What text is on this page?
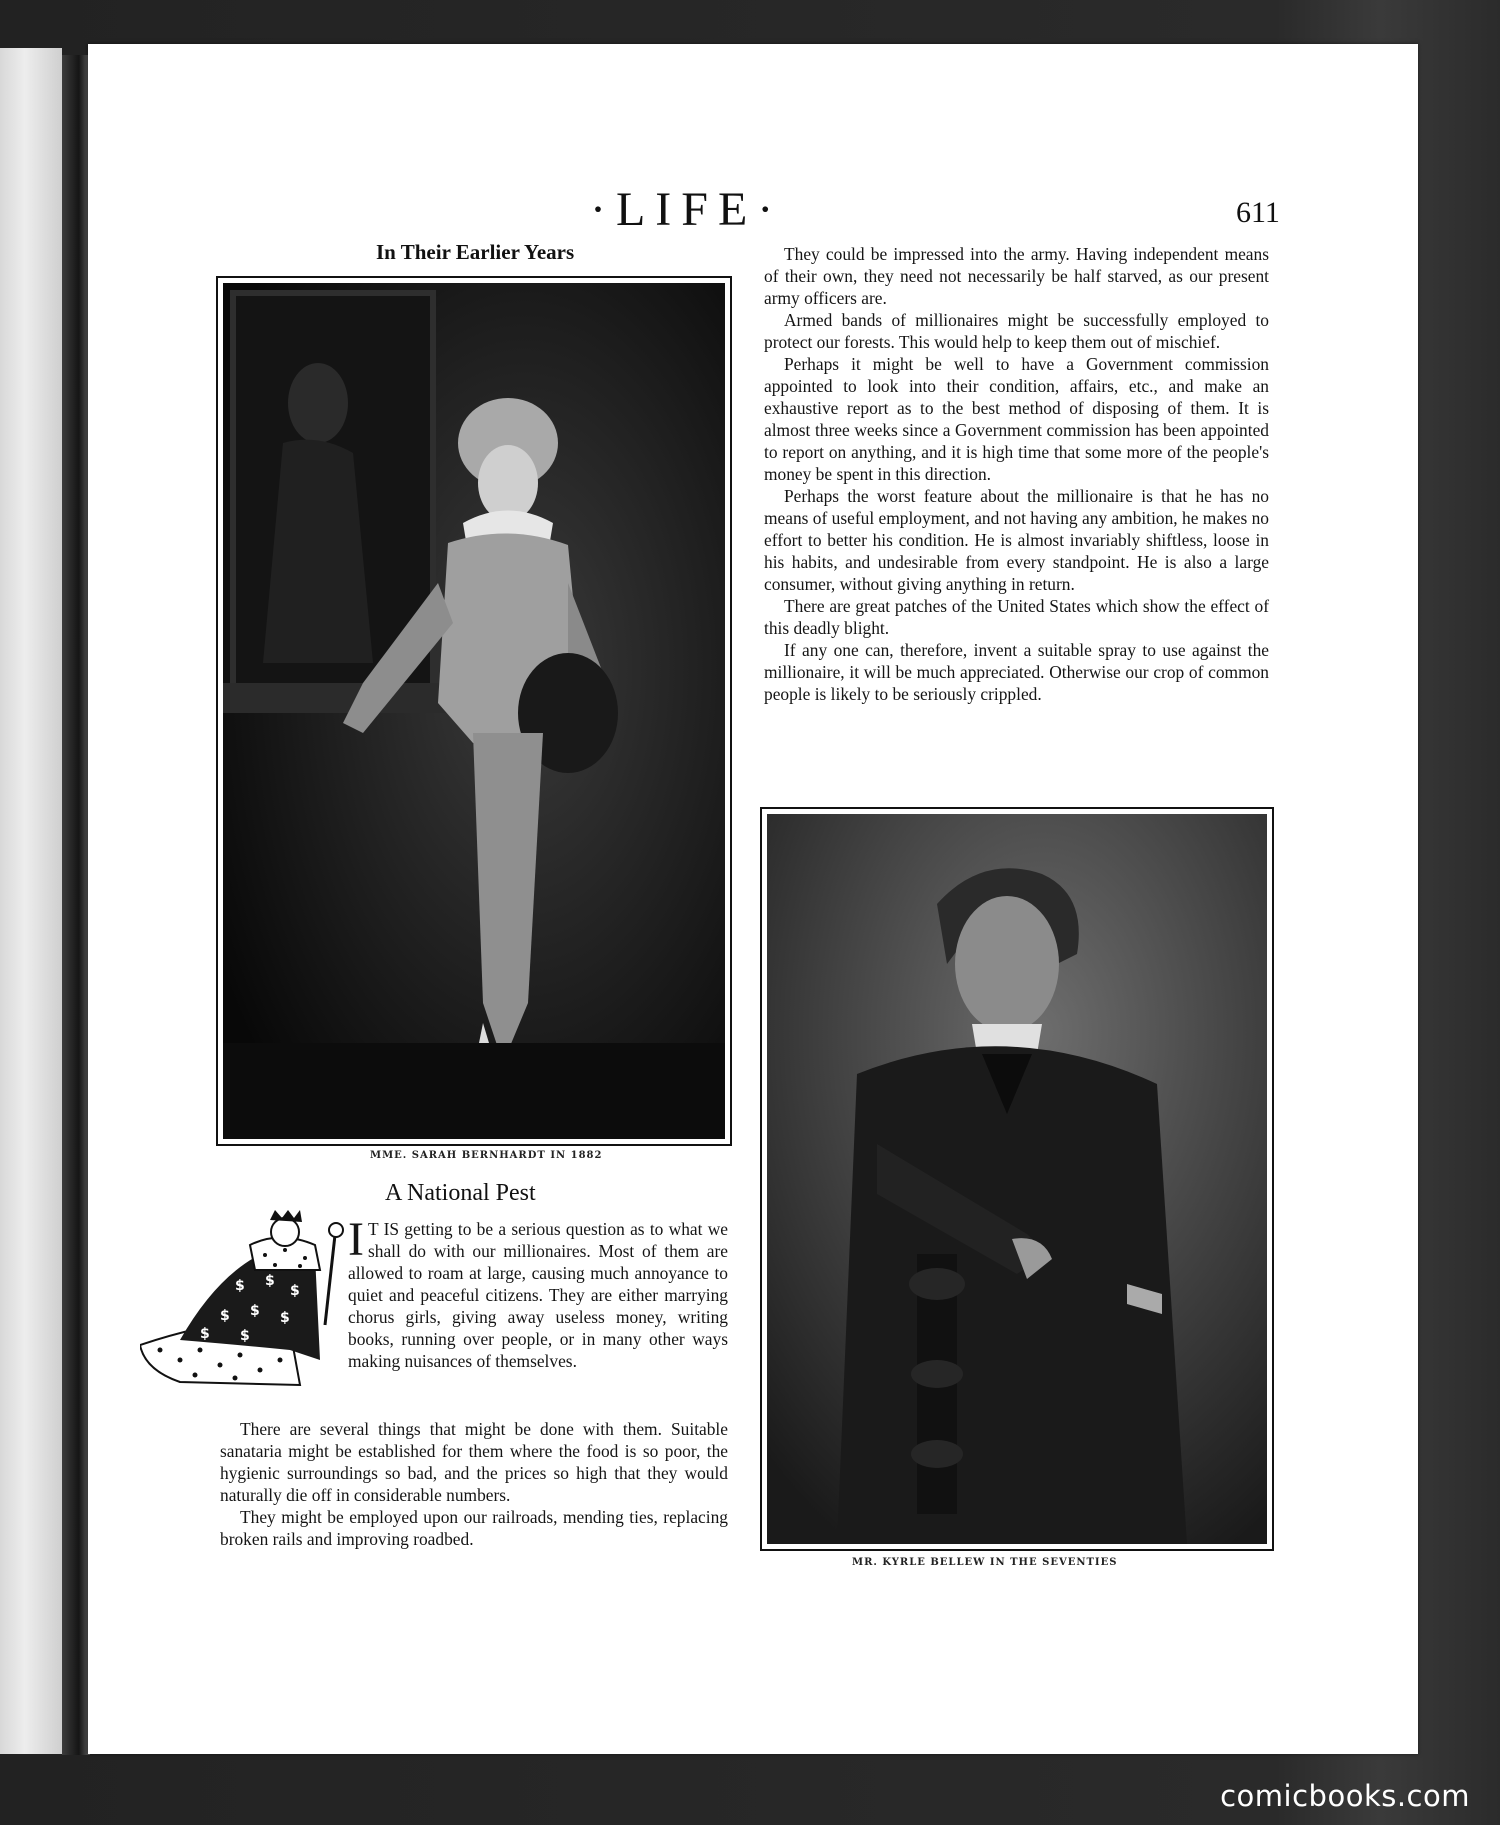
·LIFE·	611
In Their Earlier Years
MME. SARAH BERNHARDT IN 1882
MR. KYRLE BELLEW IN THE SEVENTIES
A National Pest
$ $
$
$ $ $
$ $

I T IS getting to be a serious question as to what we shall do with our millionaires. Most of them are allowed to roam at large, causing much annoyance to quiet and peaceful citizens. They are either marrying chorus girls, giving away useless money, writing books, running over people, or in many other ways making nuisances of themselves.

There are several things that might be done with them. Suitable sanataria might be established for them where the food is so poor, the hygienic surroundings so bad, and the prices so high that they would naturally die off in considerable numbers.

They might be employed upon our railroads, mending ties, replacing broken rails and improving roadbed.

They could be impressed into the army. Having independent means of their own, they need not necessarily be half starved, as our present army officers are.

Armed bands of millionaires might be successfully employed to protect our forests. This would help to keep them out of mischief.

Perhaps it might be well to have a Government commission appointed to look into their condition, affairs, etc., and make an exhaustive report as to the best method of disposing of them. It is almost three weeks since a Government commission has been appointed to report on anything, and it is high time that some more of the people's money be spent in this direction.

Perhaps the worst feature about the millionaire is that he has no means of useful employment, and not having any ambition, he makes no effort to better his condition. He is almost invariably shiftless, loose in his habits, and undesirable from every standpoint. He is also a large consumer, without giving anything in return.

There are great patches of the United States which show the effect of this deadly blight.

If any one can, therefore, invent a suitable spray to use against the millionaire, it will be much appreciated. Otherwise our crop of common people is likely to be seriously crippled.

comicbooks.com
